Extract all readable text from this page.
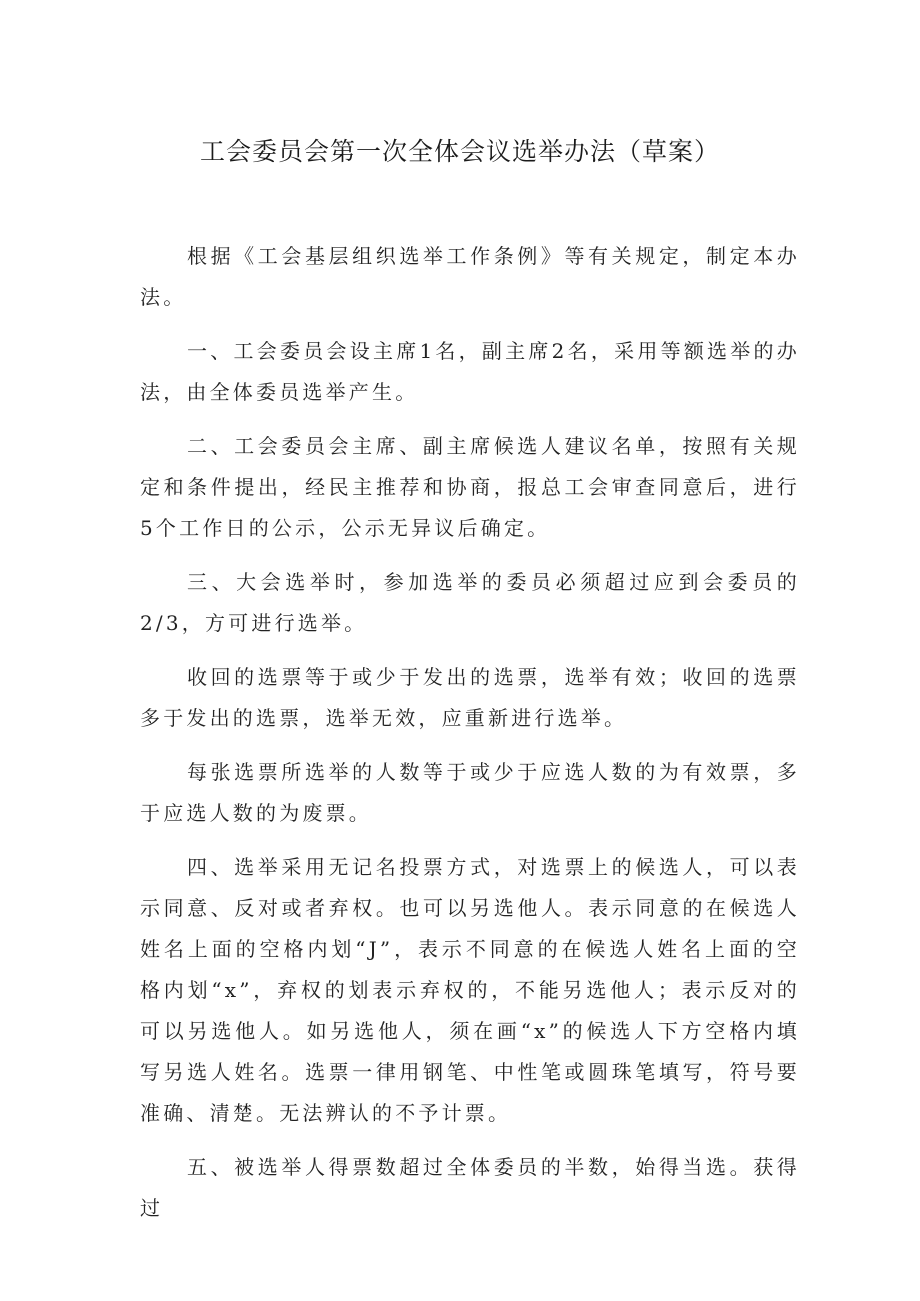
工会委员会第一次全体会议选举办法（草案）

根据《工会基层组织选举工作条例》等有关规定，制定本办法。

一、工会委员会设主席1名，副主席2名，采用等额选举的办法，由全体委员选举产生。

二、工会委员会主席、副主席候选人建议名单，按照有关规定和条件提出，经民主推荐和协商，报总工会审查同意后，进行5个工作日的公示，公示无异议后确定。

三、大会选举时，参加选举的委员必须超过应到会委员的2/3，方可进行选举。

收回的选票等于或少于发出的选票，选举有效；收回的选票多于发出的选票，选举无效，应重新进行选举。

每张选票所选举的人数等于或少于应选人数的为有效票，多于应选人数的为废票。

四、选举采用无记名投票方式，对选票上的候选人，可以表示同意、反对或者弃权。也可以另选他人。表示同意的在候选人姓名上面的空格内划“J”，表示不同意的在候选人姓名上面的空格内划“x”，弃权的划表示弃权的，不能另选他人；表示反对的可以另选他人。如另选他人，须在画“x”的候选人下方空格内填写另选人姓名。选票一律用钢笔、中性笔或圆珠笔填写，符号要准确、清楚。无法辨认的不予计票。

五、被选举人得票数超过全体委员的半数，始得当选。获得过
